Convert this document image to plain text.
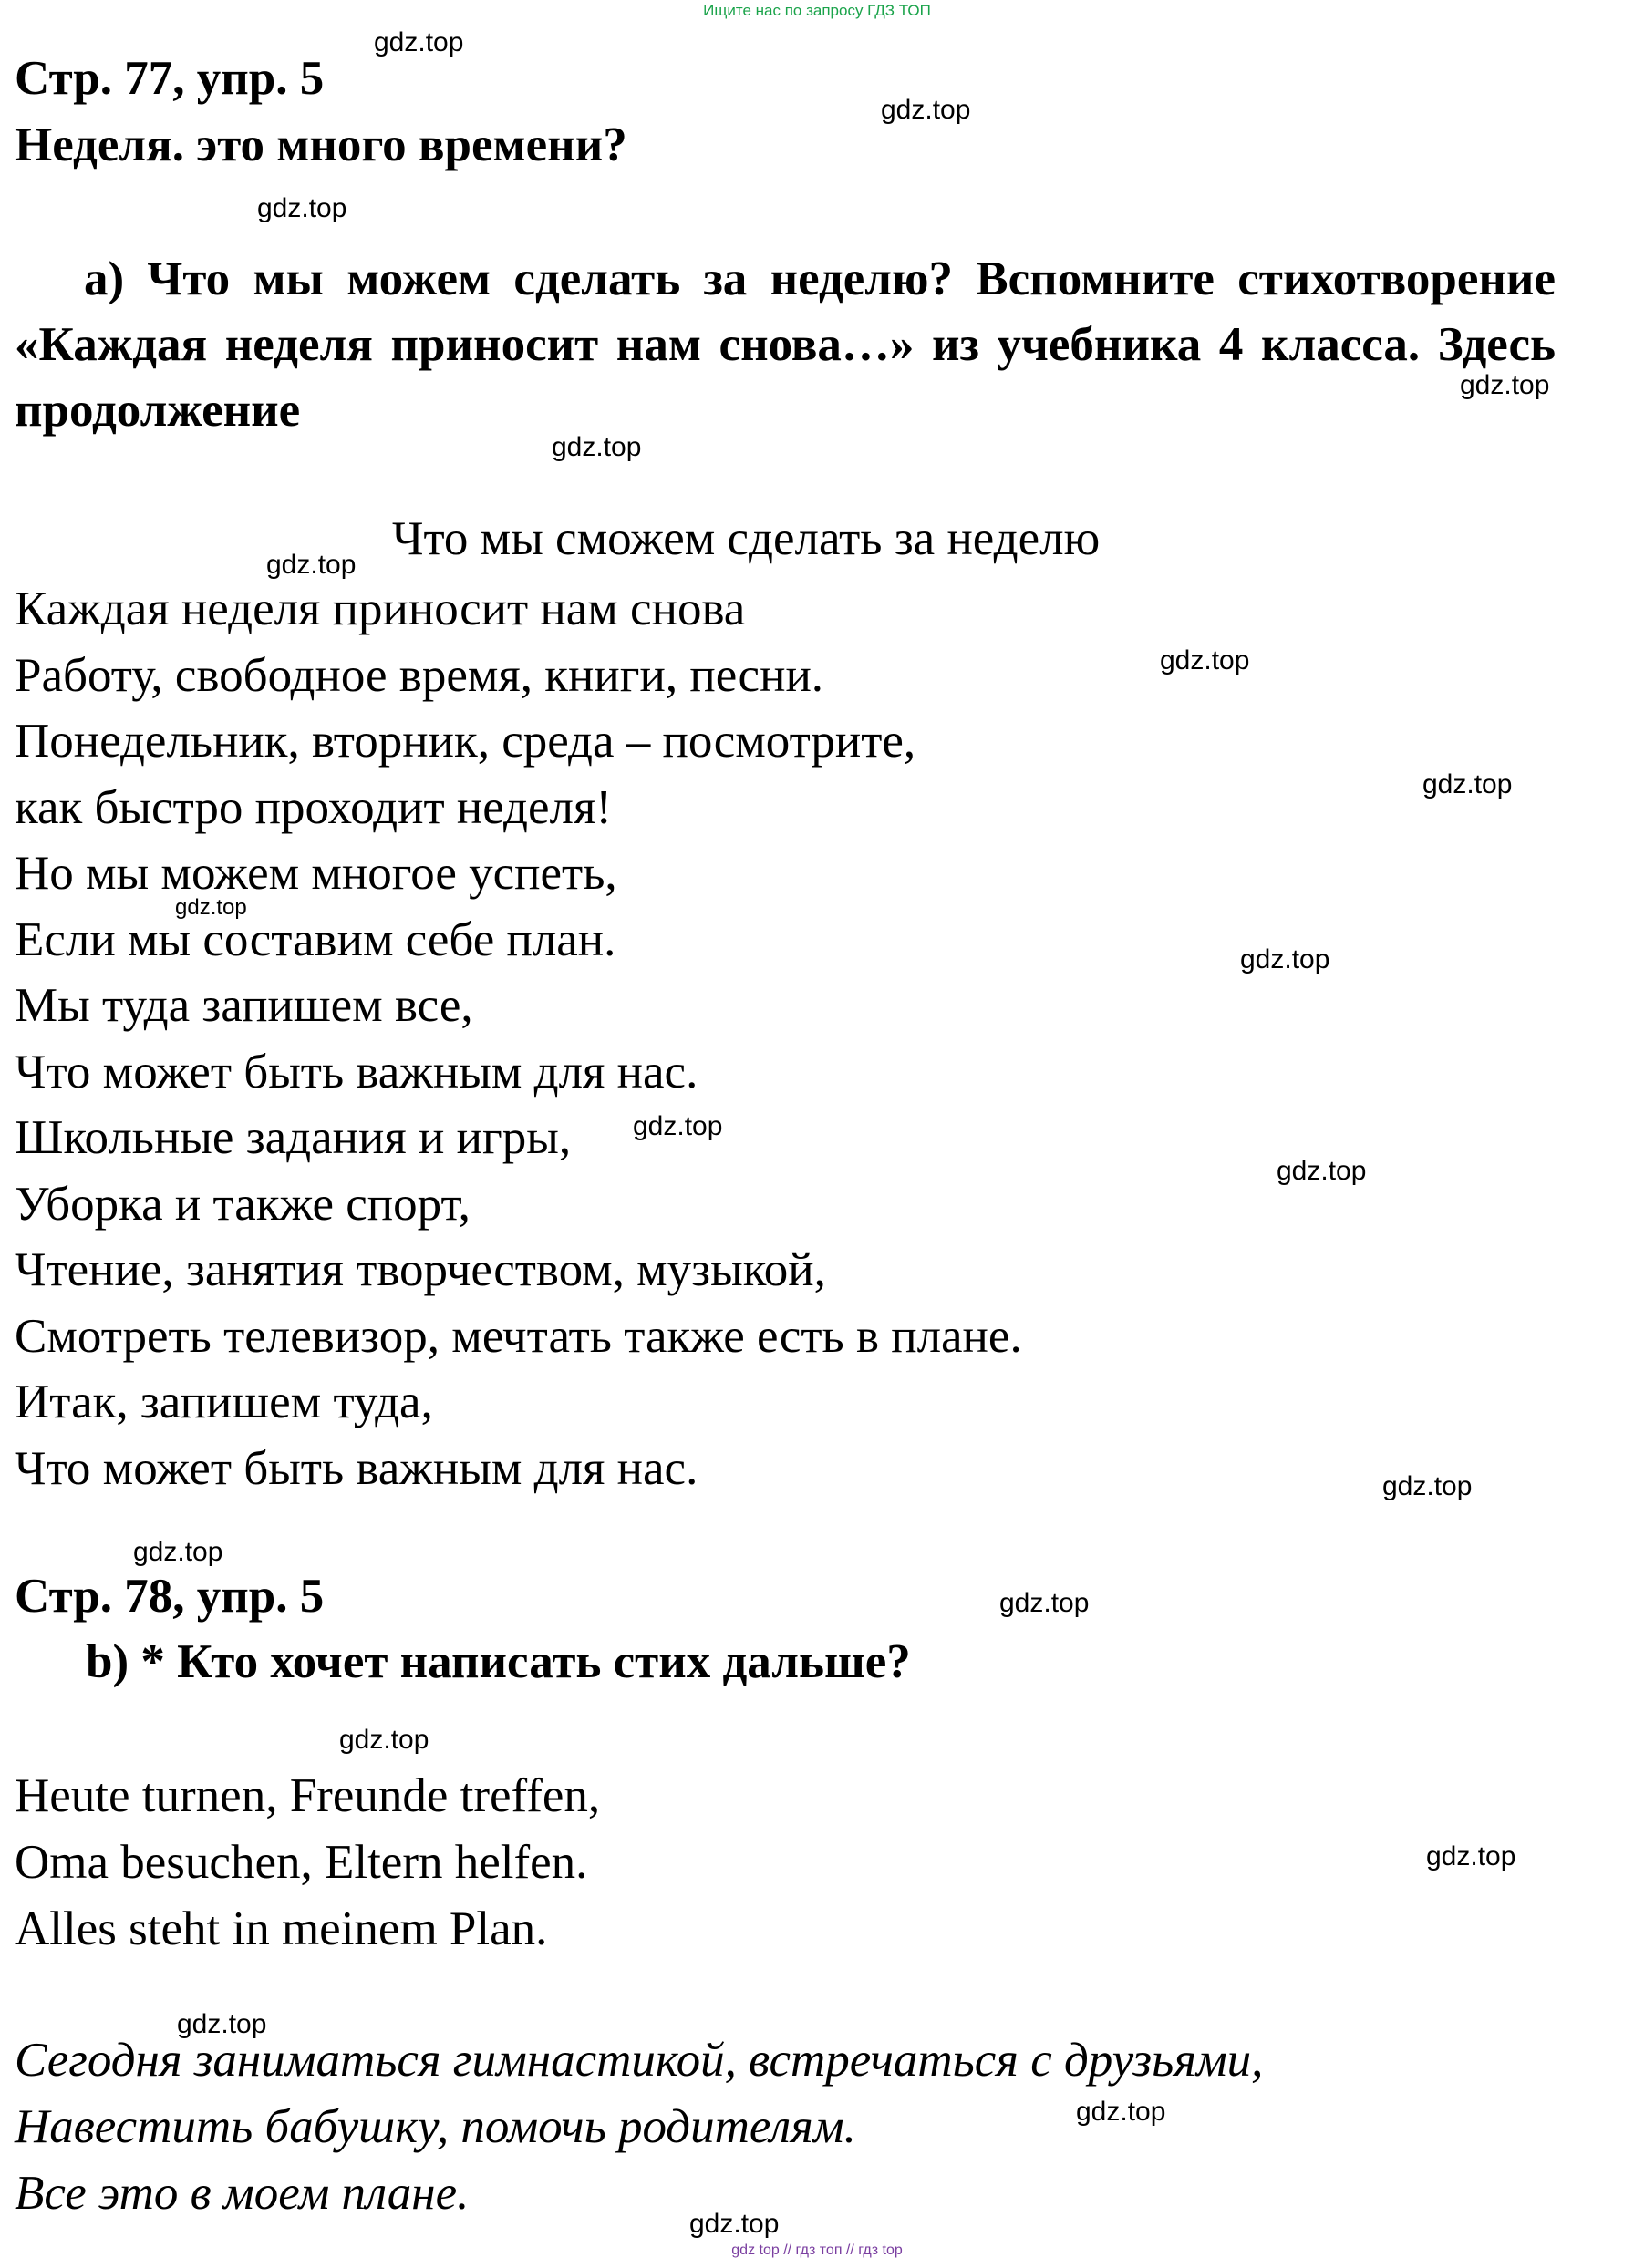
Ищите нас по запросу ГДЗ ТОП
Стр. 77, упр. 5
Неделя. это много времени?
a) Что мы можем сделать за неделю? Вспомните стихотворение «Каждая неделя приносит нам снова…» из учебника 4 класса. Здесь продолжение
Что мы сможем сделать за неделю
Каждая неделя приносит нам снова
Работу, свободное время, книги, песни.
Понедельник, вторник, среда – посмотрите,
как быстро проходит неделя!
Но мы можем многое успеть,
Если мы составим себе план.
Мы туда запишем все,
Что может быть важным для нас.
Школьные задания и игры,
Уборка и также спорт,
Чтение, занятия творчеством, музыкой,
Смотреть телевизор, мечтать также есть в плане.
Итак, запишем туда,
Что может быть важным для нас.
Стр. 78, упр. 5
b) * Кто хочет написать стих дальше?
Heute turnen, Freunde treffen,
Oma besuchen, Eltern helfen.
Alles steht in meinem Plan.
Сегодня заниматься гимнастикой, встречаться с друзьями,
Навестить бабушку, помочь родителям.
Все это в моем плане.
gdz.top
gdz.top
gdz.top
gdz.top
gdz.top
gdz.top
gdz.top
gdz.top
gdz.top
gdz.top
gdz.top
gdz.top
gdz.top
gdz.top
gdz.top
gdz.top
gdz.top
gdz.top
gdz.top
gdz.top
gdz top // гдз топ // гдз top
